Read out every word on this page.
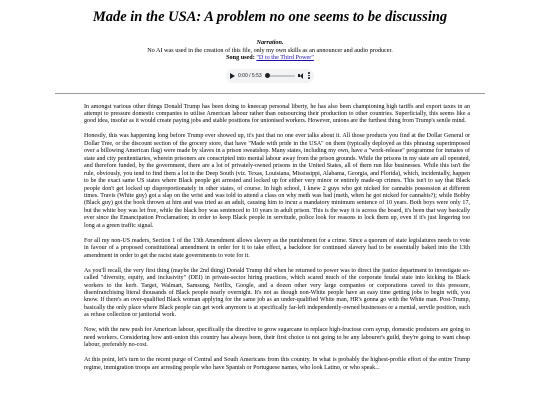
Made in the USA: A problem no one seems to be discussing
Narration.
No AI was used in the creation of this file, only my own skills as an announcer and audio producer.
Song used: "D to the Third Power"
0:00 / 5:53

In amongst various other things Donald Trump has been doing to kneecap personal liberty, he has also been championing high tariffs and export taxes in an attempt to pressure domestic companies to utilise American labour rather than outsourcing their production to other countries. Superficially, this seems like a good idea, insofar as it would create paying jobs and stable positions for unionised workers. However, unions are the furthest thing from Trump's senile mind.

Honestly, this was happening long before Trump ever showed up, it's just that no one ever talks about it. All those products you find at the Dollar General or Dollar Tree, or the discount section of the grocery store, that have "Made with pride in the USA" on them (typically deployed as this phrasing superimposed over a billowing American flag) were made by slaves in a prison sweatshop. Many states, including my own, have a "work-release" programme for inmates of state and city penitentiaries, wherein prisoners are conscripted into menial labour away from the prison grounds. While the prisons in my state are all operated, and therefore funded, by the government, there are a lot of privately-owned prisons in the United States, all of them run like businesses. While this isn't the rule, obviously, you tend to find them a lot in the Deep South (viz. Texas, Louisiana, Mississippi, Alabama, Georgia, and Florida), which, incidentally, happen to be the exact same US states where Black people get arrested and locked up for either very minor or entirely made-up crimes. This isn't to say that Black people don't get locked up disproportionately in other states, of course. In high school, I knew 2 guys who got nicked for cannabis possession at different times. Travis (White guy) got a slap on the wrist and was told to attend a class on why meth was bad (meth, when he got nicked for cannabis?); while Bobby (Black guy) got the book thrown at him and was tried as an adult, causing him to incur a mandatory minimum sentence of 10 years. Both boys were only 17, but the white boy was let free, while the black boy was sentenced to 10 years in adult prison. This is the way it is across the board, it's been that way basically ever since the Emancipation Proclamation; in order to keep Black people in servitude, police look for reasons to lock them up, even if it's just lingering too long at a green traffic signal.

For all my non-US readers, Section 1 of the 13th Amendment allows slavery as the punishment for a crime. Since a quorum of state legislatures needs to vote in favour of a proposed constitutional amendment in order for it to take effect, a backdoor for continued slavery had to be essentially baked into the 13th amendment in order to get the racist state governments to vote for it.

As you'll recall, the very first thing (maybe the 2nd thing) Donald Trump did when he returned to power was to direct the justice department to investigate so-called "diversity, equity, and inclusivity" (DEI) in private-sector hiring practices, which scared much of the corporate feudal state into kicking its Black workers to the kerb. Target, Walmart, Samsung, Netflix, Google, and a dozen other very large companies or corporations caved to this pressure, disenfranchising literal thousands of Black people nearly overnight. It's not as though non-White people have an easy time getting jobs to begin with, you know. If there's an over-qualified Black woman applying for the same job as an under-qualified White man, HR's gonna go with the White man. Post-Trump, basically the only place where Black people can get work anymore is at specifically far-left independently-owned businesses or a menial, servile position, such as refuse collection or janitorial work.

Now, with the new push for American labour, specifically the directive to grow sugarcane to replace high-fructose corn syrup, domestic producers are going to need workers. Considering how anti-union this country has always been, their first choice is not going to be any labourer's guild, they're going to want cheap labour, preferably no-cost.

At this point, let's turn to the recent purge of Central and South Americans from this country. In what is probably the highest-profile effort of the entire Trump regime, immigration troops are arresting people who have Spanish or Portuguese names, who look Latino, or who speak...
